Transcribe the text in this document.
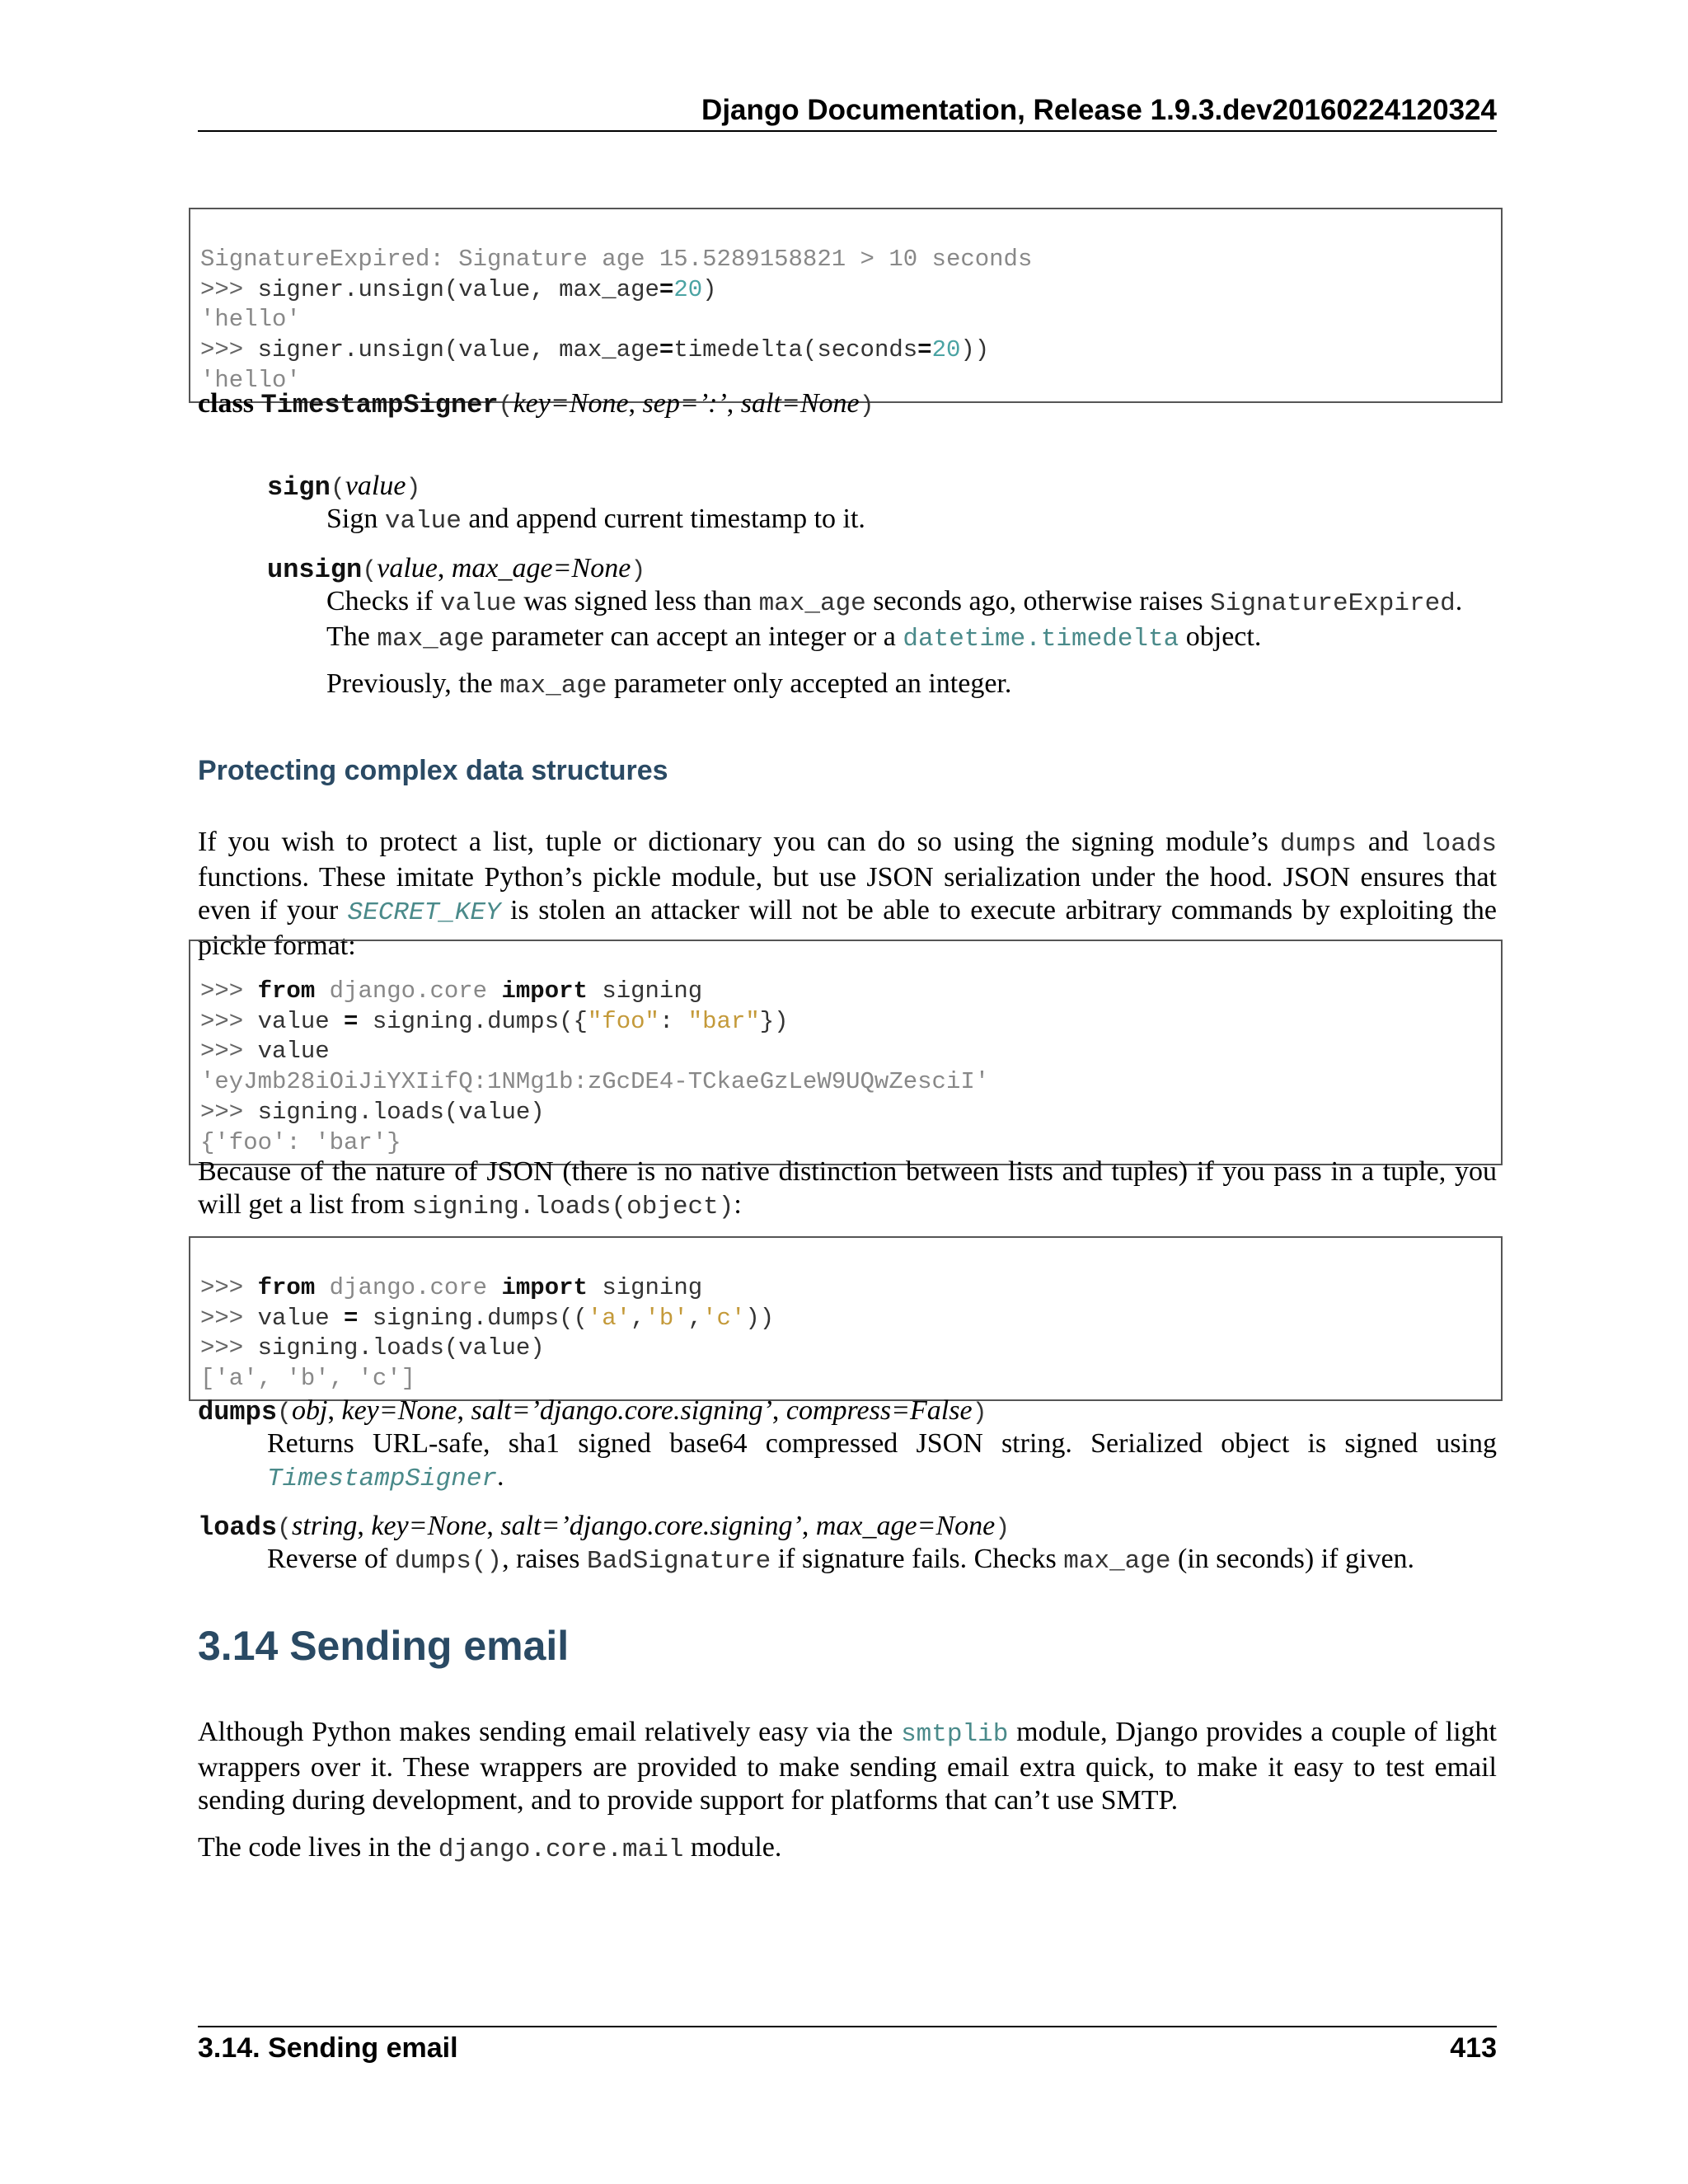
Django Documentation, Release 1.9.3.dev20160224120324

SignatureExpired: Signature age 15.5289158821 > 10 seconds
>>> signer.unsign(value, max_age=20)
'hello'
>>> signer.unsign(value, max_age=timedelta(seconds=20))
'hello'
class TimestampSigner(key=None, sep=’:’, salt=None)
sign(value)
Sign value and append current timestamp to it.
unsign(value, max_age=None)
Checks if value was signed less than max_age seconds ago, otherwise raises SignatureExpired.
The max_age parameter can accept an integer or a datetime.timedelta object.
Previously, the max_age parameter only accepted an integer.
Protecting complex data structures
If you wish to protect a list, tuple or dictionary you can do so using the signing module’s dumps and loads functions. These imitate Python’s pickle module, but use JSON serialization under the hood. JSON ensures that even if your SECRET_KEY is stolen an attacker will not be able to execute arbitrary commands by exploiting the pickle format:

>>> from django.core import signing
>>> value = signing.dumps({"foo": "bar"})
>>> value
'eyJmb28iOiJiYXIifQ:1NMg1b:zGcDE4-TCkaeGzLeW9UQwZesciI'
>>> signing.loads(value)
{'foo': 'bar'}
Because of the nature of JSON (there is no native distinction between lists and tuples) if you pass in a tuple, you will get a list from signing.loads(object):

>>> from django.core import signing
>>> value = signing.dumps(('a','b','c'))
>>> signing.loads(value)
['a', 'b', 'c']
dumps(obj, key=None, salt=’django.core.signing’, compress=False)
Returns URL-safe, sha1 signed base64 compressed JSON string. Serialized object is signed using TimestampSigner.
loads(string, key=None, salt=’django.core.signing’, max_age=None)
Reverse of dumps(), raises BadSignature if signature fails. Checks max_age (in seconds) if given.
3.14 Sending email
Although Python makes sending email relatively easy via the smtplib module, Django provides a couple of light wrappers over it. These wrappers are provided to make sending email extra quick, to make it easy to test email sending during development, and to provide support for platforms that can’t use SMTP.
The code lives in the django.core.mail module.
3.14. Sending email	413
